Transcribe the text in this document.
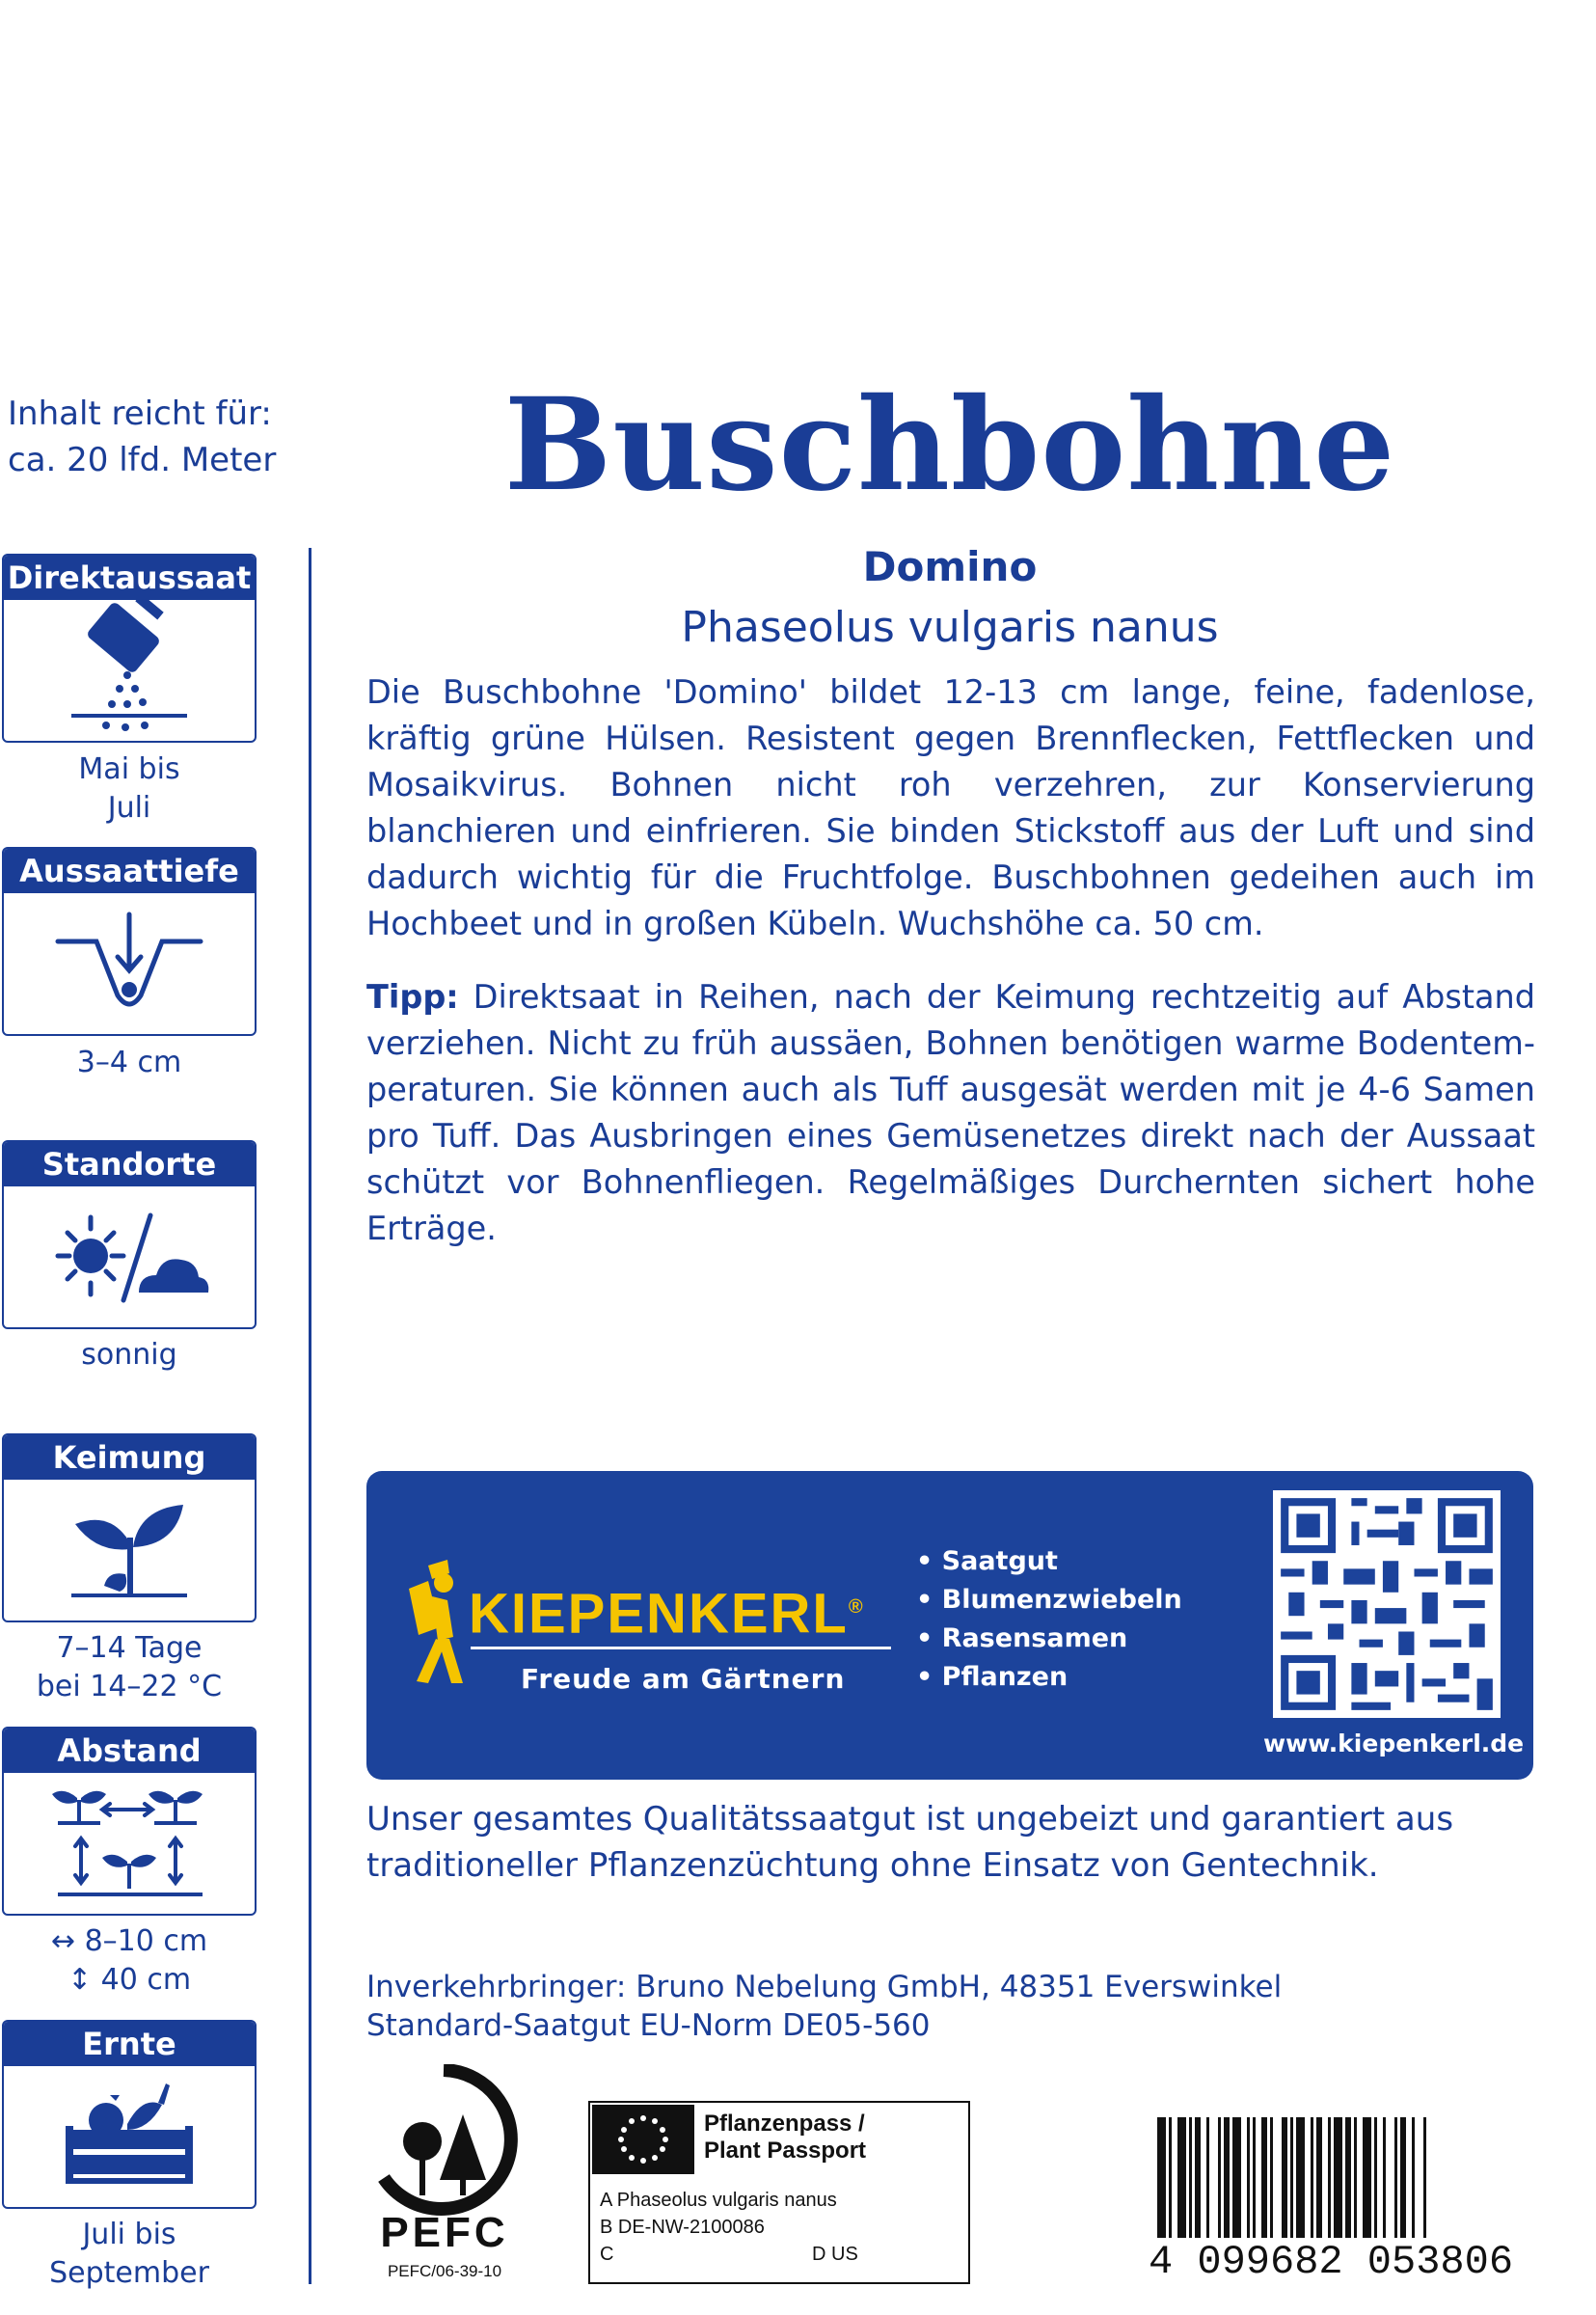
Inhalt reicht für:
ca. 20 lfd. Meter
Direktaussaat
Mai bis
Juli
Aussaattiefe
3–4 cm
Standorte
sonnig
Keimung
7–14 Tage
bei 14–22 °C
Abstand
↔ 8–10 cm
↕ 40 cm
Ernte
Juli bis
September
Buschbohne
Domino
Phaseolus vulgaris nanus
Die Buschbohne 'Domino' bildet 12-13 cm lange, feine, fadenlose, kräftig grüne Hülsen. Resistent gegen Brennflecken, Fettflecken und Mosaikvirus. Bohnen nicht roh verzehren, zur Konservierung blanchieren und einfrieren. Sie binden Stickstoff aus der Luft und sind dadurch wichtig für die Fruchtfolge. Buschbohnen gedeihen auch im Hochbeet und in großen Kübeln. Wuchshöhe ca. 50 cm.
Tipp: Direktsaat in Reihen, nach der Keimung rechtzeitig auf Abstand verziehen. Nicht zu früh aussäen, Bohnen benötigen warme Bodentemperaturen. Sie können auch als Tuff ausgesät werden mit je 4-6 Samen pro Tuff. Das Ausbringen eines Gemüsenetzes direkt nach der Aussaat schützt vor Bohnenfliegen. Regelmäßiges Durchernten sichert hohe Erträge.
KIEPENKERL®
Freude am Gärtnern
• Saatgut
• Blumenzwiebeln
• Rasensamen
• Pflanzen
www.kiepenkerl.de
Unser gesamtes Qualitätssaatgut ist ungebeizt und garantiert aus traditioneller Pflanzenzüchtung ohne Einsatz von Gentechnik.
Inverkehrbringer: Bruno Nebelung GmbH, 48351 Everswinkel
Standard-Saatgut EU-Norm DE05-560
PEFC
PEFC/06-39-10
Pflanzenpass /
Plant Passport
A Phaseolus vulgaris nanus
B DE-NW-2100086
C	D US	4 099682 053806
